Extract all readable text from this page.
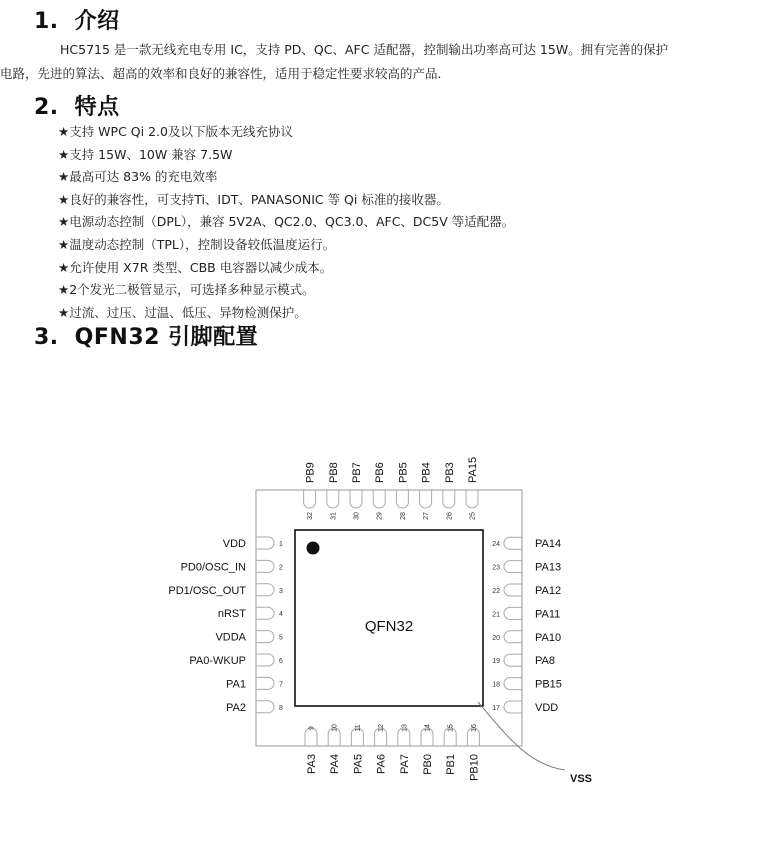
1. 介绍
HC5715 是一款无线充电专用 IC，支持 PD、QC、AFC 适配器，控制输出功率高可达 15W。拥有完善的保护
电路，先进的算法、超高的效率和良好的兼容性，适用于稳定性要求较高的产品.
2. 特点
★支持 WPC Qi 2.0及以下版本无线充协议
★支持 15W、10W 兼容 7.5W
★最高可达 83% 的充电效率
★良好的兼容性，可支持Ti、IDT、PANASONIC 等 Qi 标准的接收器。
★电源动态控制（DPL），兼容 5V2A、QC2.0、QC3.0、AFC、DC5V 等适配器。
★温度动态控制（TPL），控制设备较低温度运行。
★允许使用 X7R 类型、CBB 电容器以减少成本。
★2个发光二极管显示，可选择多种显示模式。
★过流、过压、过温、低压、异物检测保护。
3. QFN32 引脚配置
QFN32
VSS
1
VDD
2
PD0/OSC_IN
3
PD1/OSC_OUT
4
nRST
5
VDDA
6
PA0-WKUP
7
PA1
8
PA2	17	VDD
18	PB15
19	PA8
20	PA10
21	PA11
22	PA12
23	PA13
24	PA14
25
PA15
26
PB3
27
PB4
28
PB5
29
PB6
30
PB7
31
PB8
32
PB9
9
PA3
10
PA4
11
PA5
12
PA6
13
PA7
14
PB0
15
PB1
16
PB10
